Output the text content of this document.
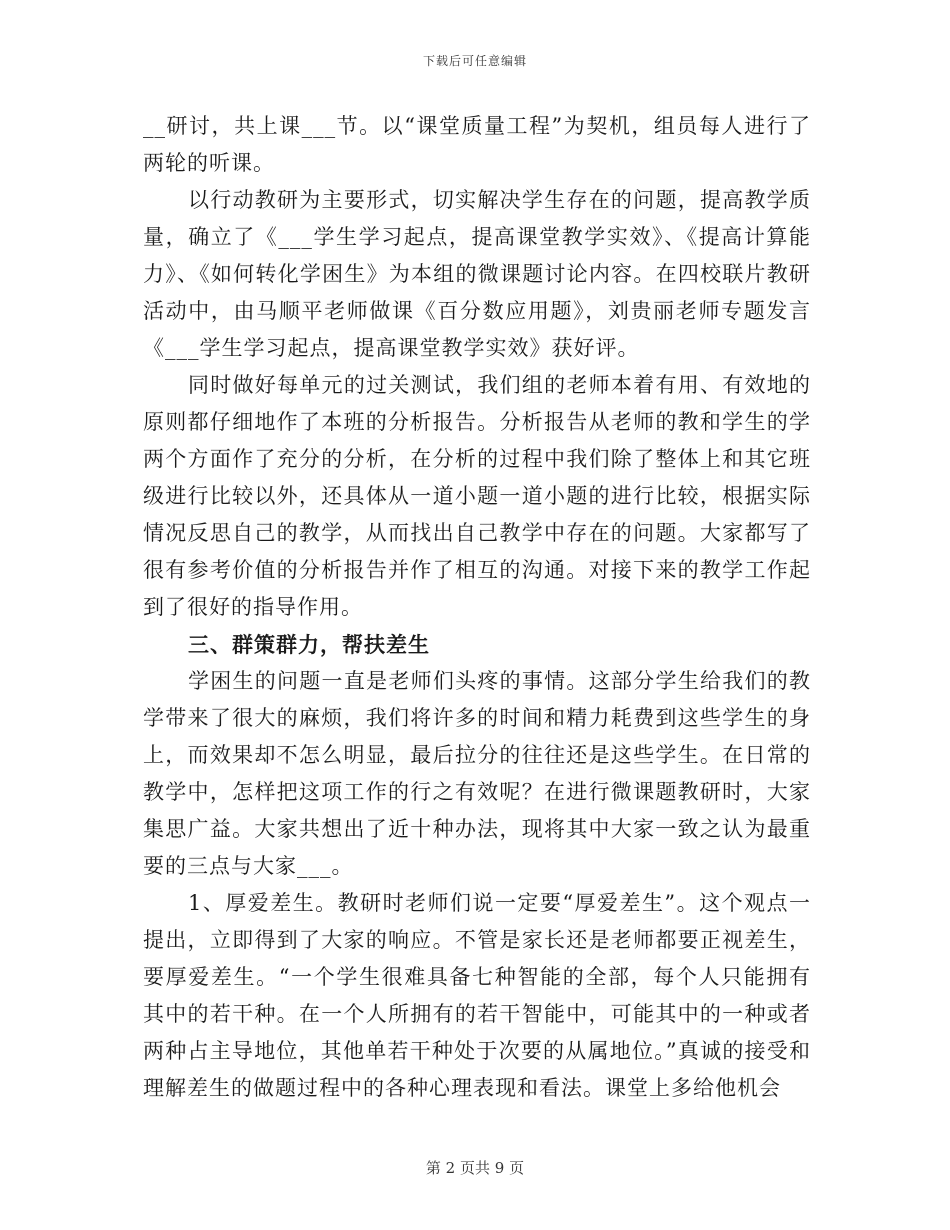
下载后可任意编辑

__研讨，共上课___节。以“课堂质量工程”为契机，组员每人进行了两轮的听课。

以行动教研为主要形式，切实解决学生存在的问题，提高教学质量，确立了《___学生学习起点，提高课堂教学实效》、《提高计算能力》、《如何转化学困生》为本组的微课题讨论内容。在四校联片教研活动中，由马顺平老师做课《百分数应用题》，刘贵丽老师专题发言《___学生学习起点，提高课堂教学实效》获好评。

同时做好每单元的过关测试，我们组的老师本着有用、有效地的原则都仔细地作了本班的分析报告。分析报告从老师的教和学生的学两个方面作了充分的分析，在分析的过程中我们除了整体上和其它班级进行比较以外，还具体从一道小题一道小题的进行比较，根据实际情况反思自己的教学，从而找出自己教学中存在的问题。大家都写了很有参考价值的分析报告并作了相互的沟通。对接下来的教学工作起到了很好的指导作用。

三、群策群力，帮扶差生

学困生的问题一直是老师们头疼的事情。这部分学生给我们的教学带来了很大的麻烦，我们将许多的时间和精力耗费到这些学生的身上，而效果却不怎么明显，最后拉分的往往还是这些学生。在日常的教学中，怎样把这项工作的行之有效呢？在进行微课题教研时，大家集思广益。大家共想出了近十种办法，现将其中大家一致之认为最重要的三点与大家___。

1、厚爱差生。教研时老师们说一定要“厚爱差生”。这个观点一提出，立即得到了大家的响应。不管是家长还是老师都要正视差生，要厚爱差生。“一个学生很难具备七种智能的全部，每个人只能拥有其中的若干种。在一个人所拥有的若干智能中，可能其中的一种或者两种占主导地位，其他单若干种处于次要的从属地位。”真诚的接受和理解差生的做题过程中的各种心理表现和看法。课堂上多给他机会

第 2 页共 9 页
